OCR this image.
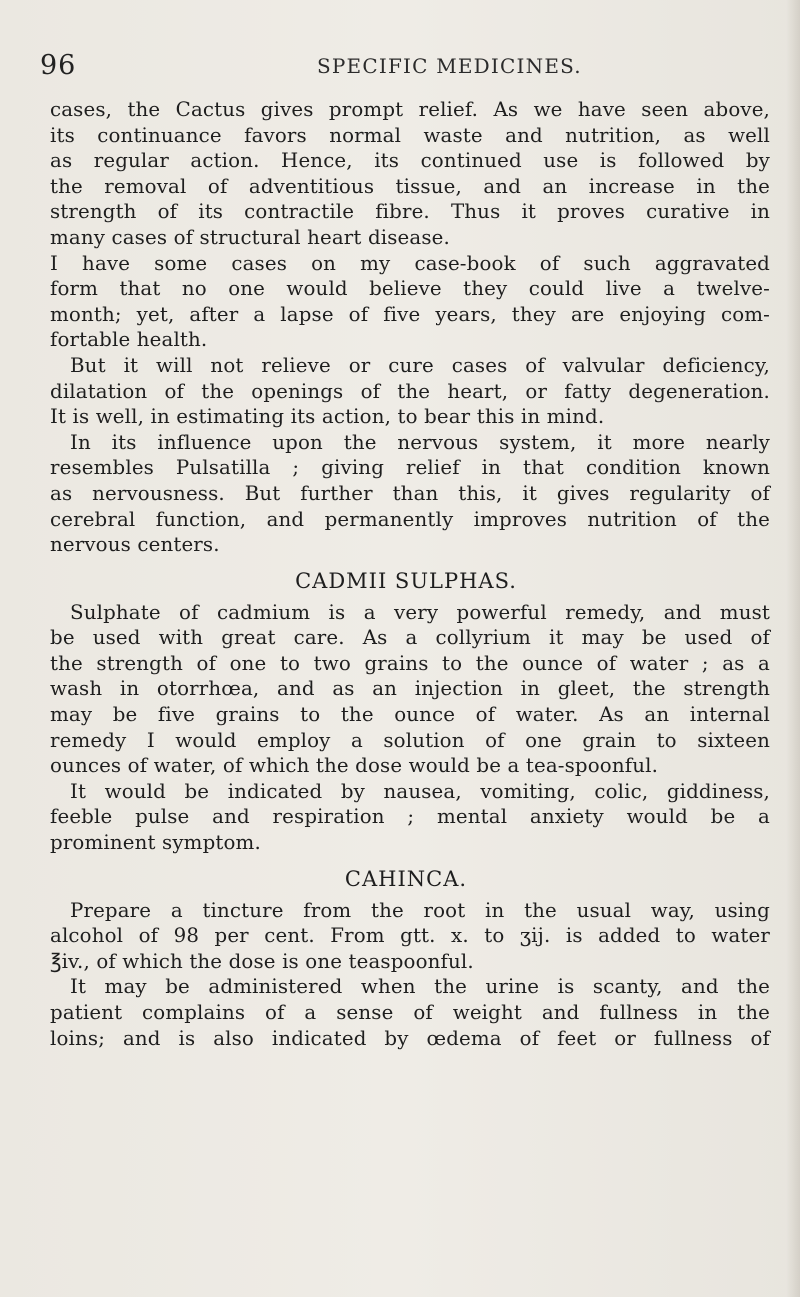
96	SPECIFIC MEDICINES.
cases, the Cactus gives prompt relief. As we have seen above,
its continuance favors normal waste and nutrition, as well
as regular action. Hence, its continued use is followed by
the removal of adventitious tissue, and an increase in the
strength of its contractile fibre. Thus it proves curative in
many cases of structural heart disease.
I have some cases on my case-book of such aggravated
form that no one would believe they could live a twelve-
month; yet, after a lapse of five years, they are enjoying com-
fortable health.
But it will not relieve or cure cases of valvular deficiency,
dilatation of the openings of the heart, or fatty degeneration.
It is well, in estimating its action, to bear this in mind.
In its influence upon the nervous system, it more nearly
resembles Pulsatilla ; giving relief in that condition known
as nervousness. But further than this, it gives regularity of
cerebral function, and permanently improves nutrition of the
nervous centers.
CADMII SULPHAS.
Sulphate of cadmium is a very powerful remedy, and must
be used with great care. As a collyrium it may be used of
the strength of one to two grains to the ounce of water ; as a
wash in otorrhœa, and as an injection in gleet, the strength
may be five grains to the ounce of water. As an internal
remedy I would employ a solution of one grain to sixteen
ounces of water, of which the dose would be a tea-spoonful.
It would be indicated by nausea, vomiting, colic, giddiness,
feeble pulse and respiration ; mental anxiety would be a
prominent symptom.
CAHINCA.
Prepare a tincture from the root in the usual way, using
alcohol of 98 per cent. From gtt. x. to ʒij. is added to water
℥iv., of which the dose is one teaspoonful.
It may be administered when the urine is scanty, and the
patient complains of a sense of weight and fullness in the
loins; and is also indicated by œdema of feet or fullness of
